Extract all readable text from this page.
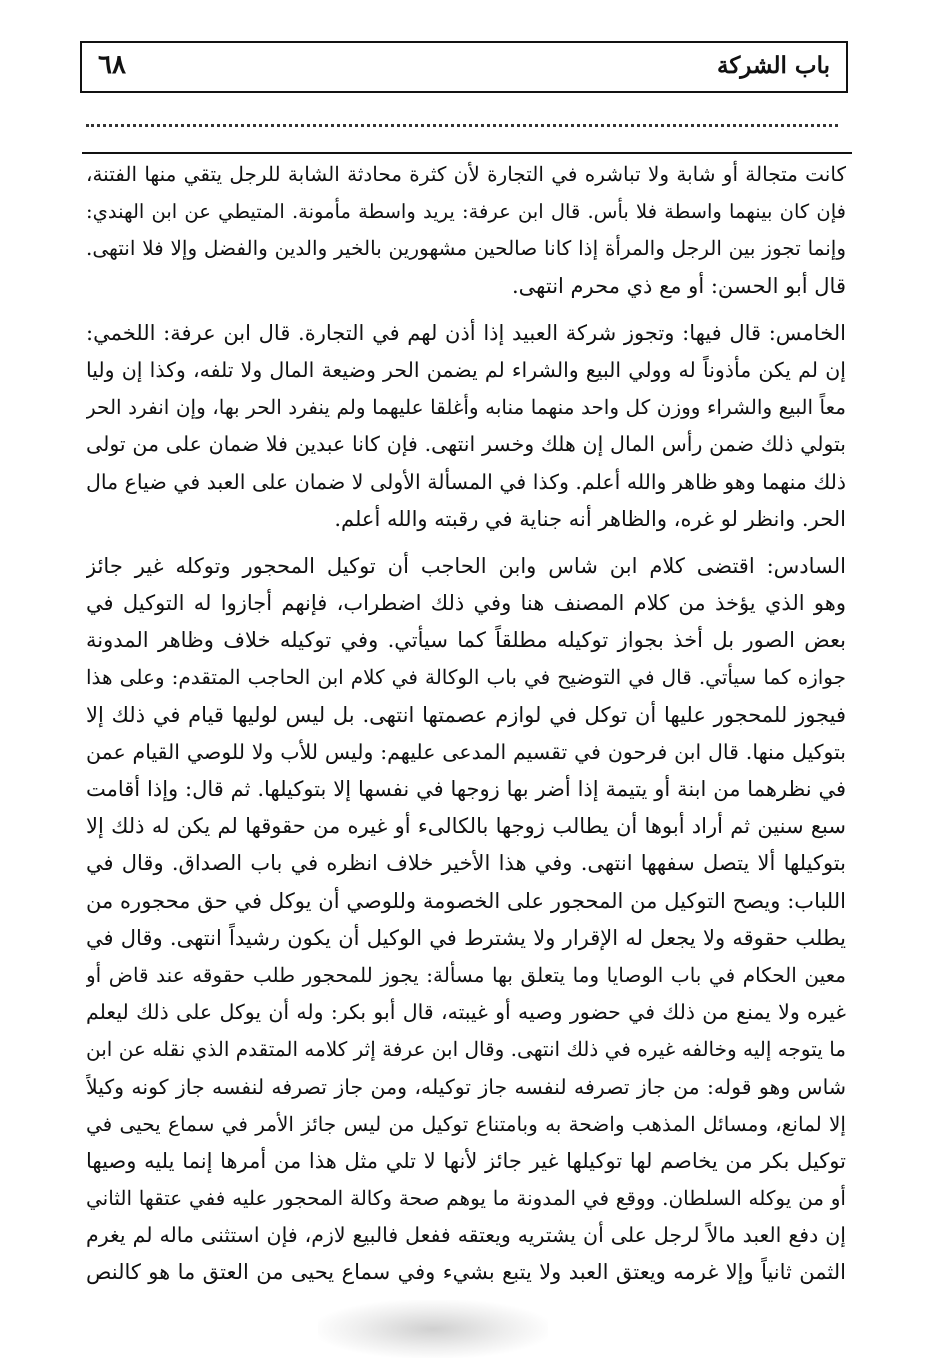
٦٨	باب الشركة
كانت متجالة أو شابة ولا تباشره في التجارة لأن كثرة محادثة الشابة للرجل يتقي منها الفتنة،
فإن كان بينهما واسطة فلا بأس. قال ابن عرفة: يريد واسطة مأمونة. المتيطي عن ابن الهندي:
وإنما تجوز بين الرجل والمرأة إذا كانا صالحين مشهورين بالخير والدين والفضل وإلا فلا انتهى.
قال أبو الحسن: أو مع ذي محرم انتهى.
الخامس: قال فيها: وتجوز شركة العبيد إذا أذن لهم في التجارة. قال ابن عرفة: اللخمي:
إن لم يكن مأذوناً له وولي البيع والشراء لم يضمن الحر وضيعة المال ولا تلفه، وكذا إن وليا
معاً البيع والشراء ووزن كل واحد منهما منابه وأغلقا عليهما ولم ينفرد الحر بها، وإن انفرد الحر
بتولي ذلك ضمن رأس المال إن هلك وخسر انتهى. فإن كانا عبدين فلا ضمان على من تولى
ذلك منهما وهو ظاهر والله أعلم. وكذا في المسألة الأولى لا ضمان على العبد في ضياع مال
الحر. وانظر لو غره، والظاهر أنه جناية في رقبته والله أعلم.
السادس: اقتضى كلام ابن شاس وابن الحاجب أن توكيل المحجور وتوكله غير جائز
وهو الذي يؤخذ من كلام المصنف هنا وفي ذلك اضطراب، فإنهم أجازوا له التوكيل في
بعض الصور بل أخذ بجواز توكيله مطلقاً كما سيأتي. وفي توكيله خلاف وظاهر المدونة
جوازه كما سيأتي. قال في التوضيح في باب الوكالة في كلام ابن الحاجب المتقدم: وعلى هذا
فيجوز للمحجور عليها أن توكل في لوازم عصمتها انتهى. بل ليس لوليها قيام في ذلك إلا
بتوكيل منها. قال ابن فرحون في تقسيم المدعى عليهم: وليس للأب ولا للوصي القيام عمن
في نظرهما من ابنة أو يتيمة إذا أضر بها زوجها في نفسها إلا بتوكيلها. ثم قال: وإذا أقامت
سبع سنين ثم أراد أبوها أن يطالب زوجها بالكالىء أو غيره من حقوقها لم يكن له ذلك إلا
بتوكيلها ألا يتصل سفهها انتهى. وفي هذا الأخير خلاف انظره في باب الصداق. وقال في
اللباب: ويصح التوكيل من المحجور على الخصومة وللوصي أن يوكل في حق محجوره من
يطلب حقوقه ولا يجعل له الإقرار ولا يشترط في الوكيل أن يكون رشيداً انتهى. وقال في
معين الحكام في باب الوصايا وما يتعلق بها مسألة: يجوز للمحجور طلب حقوقه عند قاض أو
غيره ولا يمنع من ذلك في حضور وصيه أو غيبته، قال أبو بكر: وله أن يوكل على ذلك ليعلم
ما يتوجه إليه وخالفه غيره في ذلك انتهى. وقال ابن عرفة إثر كلامه المتقدم الذي نقله عن ابن
شاس وهو قوله: من جاز تصرفه لنفسه جاز توكيله، ومن جاز تصرفه لنفسه جاز كونه وكيلاً
إلا لمانع، ومسائل المذهب واضحة به وبامتناع توكيل من ليس جائز الأمر في سماع يحيى في
توكيل بكر من يخاصم لها توكيلها غير جائز لأنها لا تلي مثل هذا من أمرها إنما يليه وصيها
أو من يوكله السلطان. ووقع في المدونة ما يوهم صحة وكالة المحجور عليه ففي عتقها الثاني
إن دفع العبد مالاً لرجل على أن يشتريه ويعتقه ففعل فالبيع لازم، فإن استثنى ماله لم يغرم
الثمن ثانياً وإلا غرمه ويعتق العبد ولا يتبع بشيء وفي سماع يحيى من العتق ما هو كالنص
